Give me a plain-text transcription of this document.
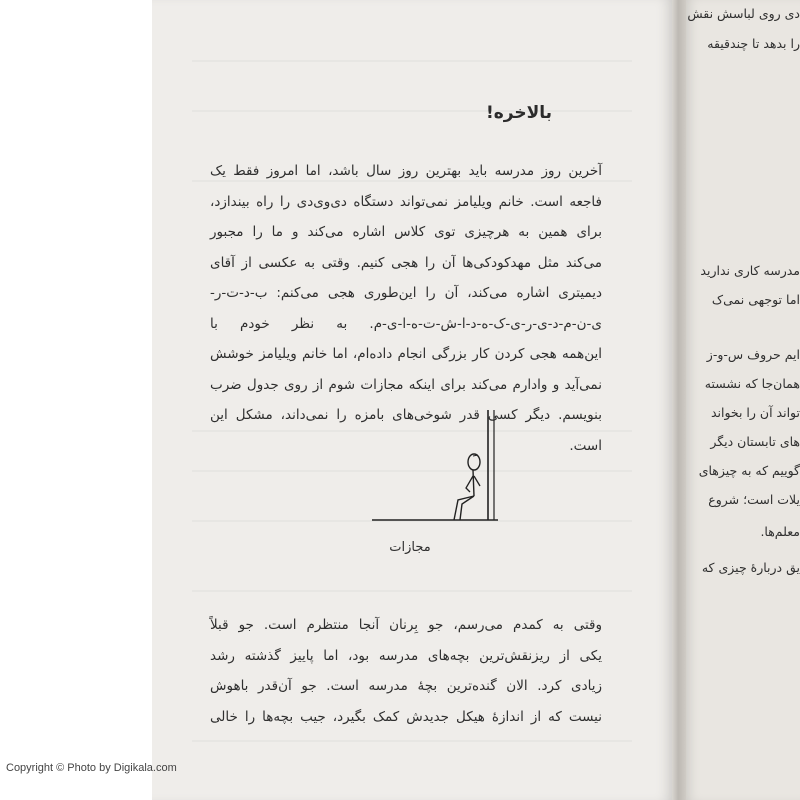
دی روی لباسش نقش
را بدهد تا چندقیقه
مدرسه کاری ندارید
اما توجهی نمی‌ک
ایم حروف س-و-ز
همان‌جا که نشسته
تواند آن را بخواند
های تابستان دیگر
گوییم که به چیزهای
یلات است؛ شروع
معلم‌ها.
یق دربارهٔ چیزی که
بالاخره!
آخرین روز مدرسه باید بهترین روز سال باشد، اما امروز فقط یک
فاجعه است. خانم ویلیامز نمی‌تواند دستگاه دی‌وی‌دی را راه بیندازد،
برای همین به هرچیزی توی کلاس اشاره می‌کند و ما را مجبور
می‌کند مثل مهدکودکی‌ها آن را هجی کنیم. وقتی به عکسی از آقای
دیمیتری اشاره می‌کند، آن را این‌طوری هجی می‌کنم: ب-د-ت-ر-
ی-ن-م-د-ی-ر-ی-ک-ه-د-ا-ش-ت-ه-ا-ی-م. به نظر خودم با
این‌همه هجی کردن کار بزرگی انجام داده‌ام، اما خانم ویلیامز خوشش
نمی‌آید و وادارم می‌کند برای اینکه مجازات شوم از روی جدول ضرب
بنویسم. دیگر کسی قدر شوخی‌های بامزه را نمی‌داند، مشکل این
است.
مجازات
وقتی به کمدم می‌رسم، جو بِرنان آنجا منتظرم است. جو قبلاً
یکی از ریزنقش‌ترین بچه‌های مدرسه بود، اما پاییز گذشته رشد
زیادی کرد. الان گنده‌ترین بچهٔ مدرسه است. جو آن‌قدر باهوش
نیست که از اندازهٔ هیکل جدیدش کمک بگیرد، جیب بچه‌ها را خالی
Copyright © Photo by Digikala.com
